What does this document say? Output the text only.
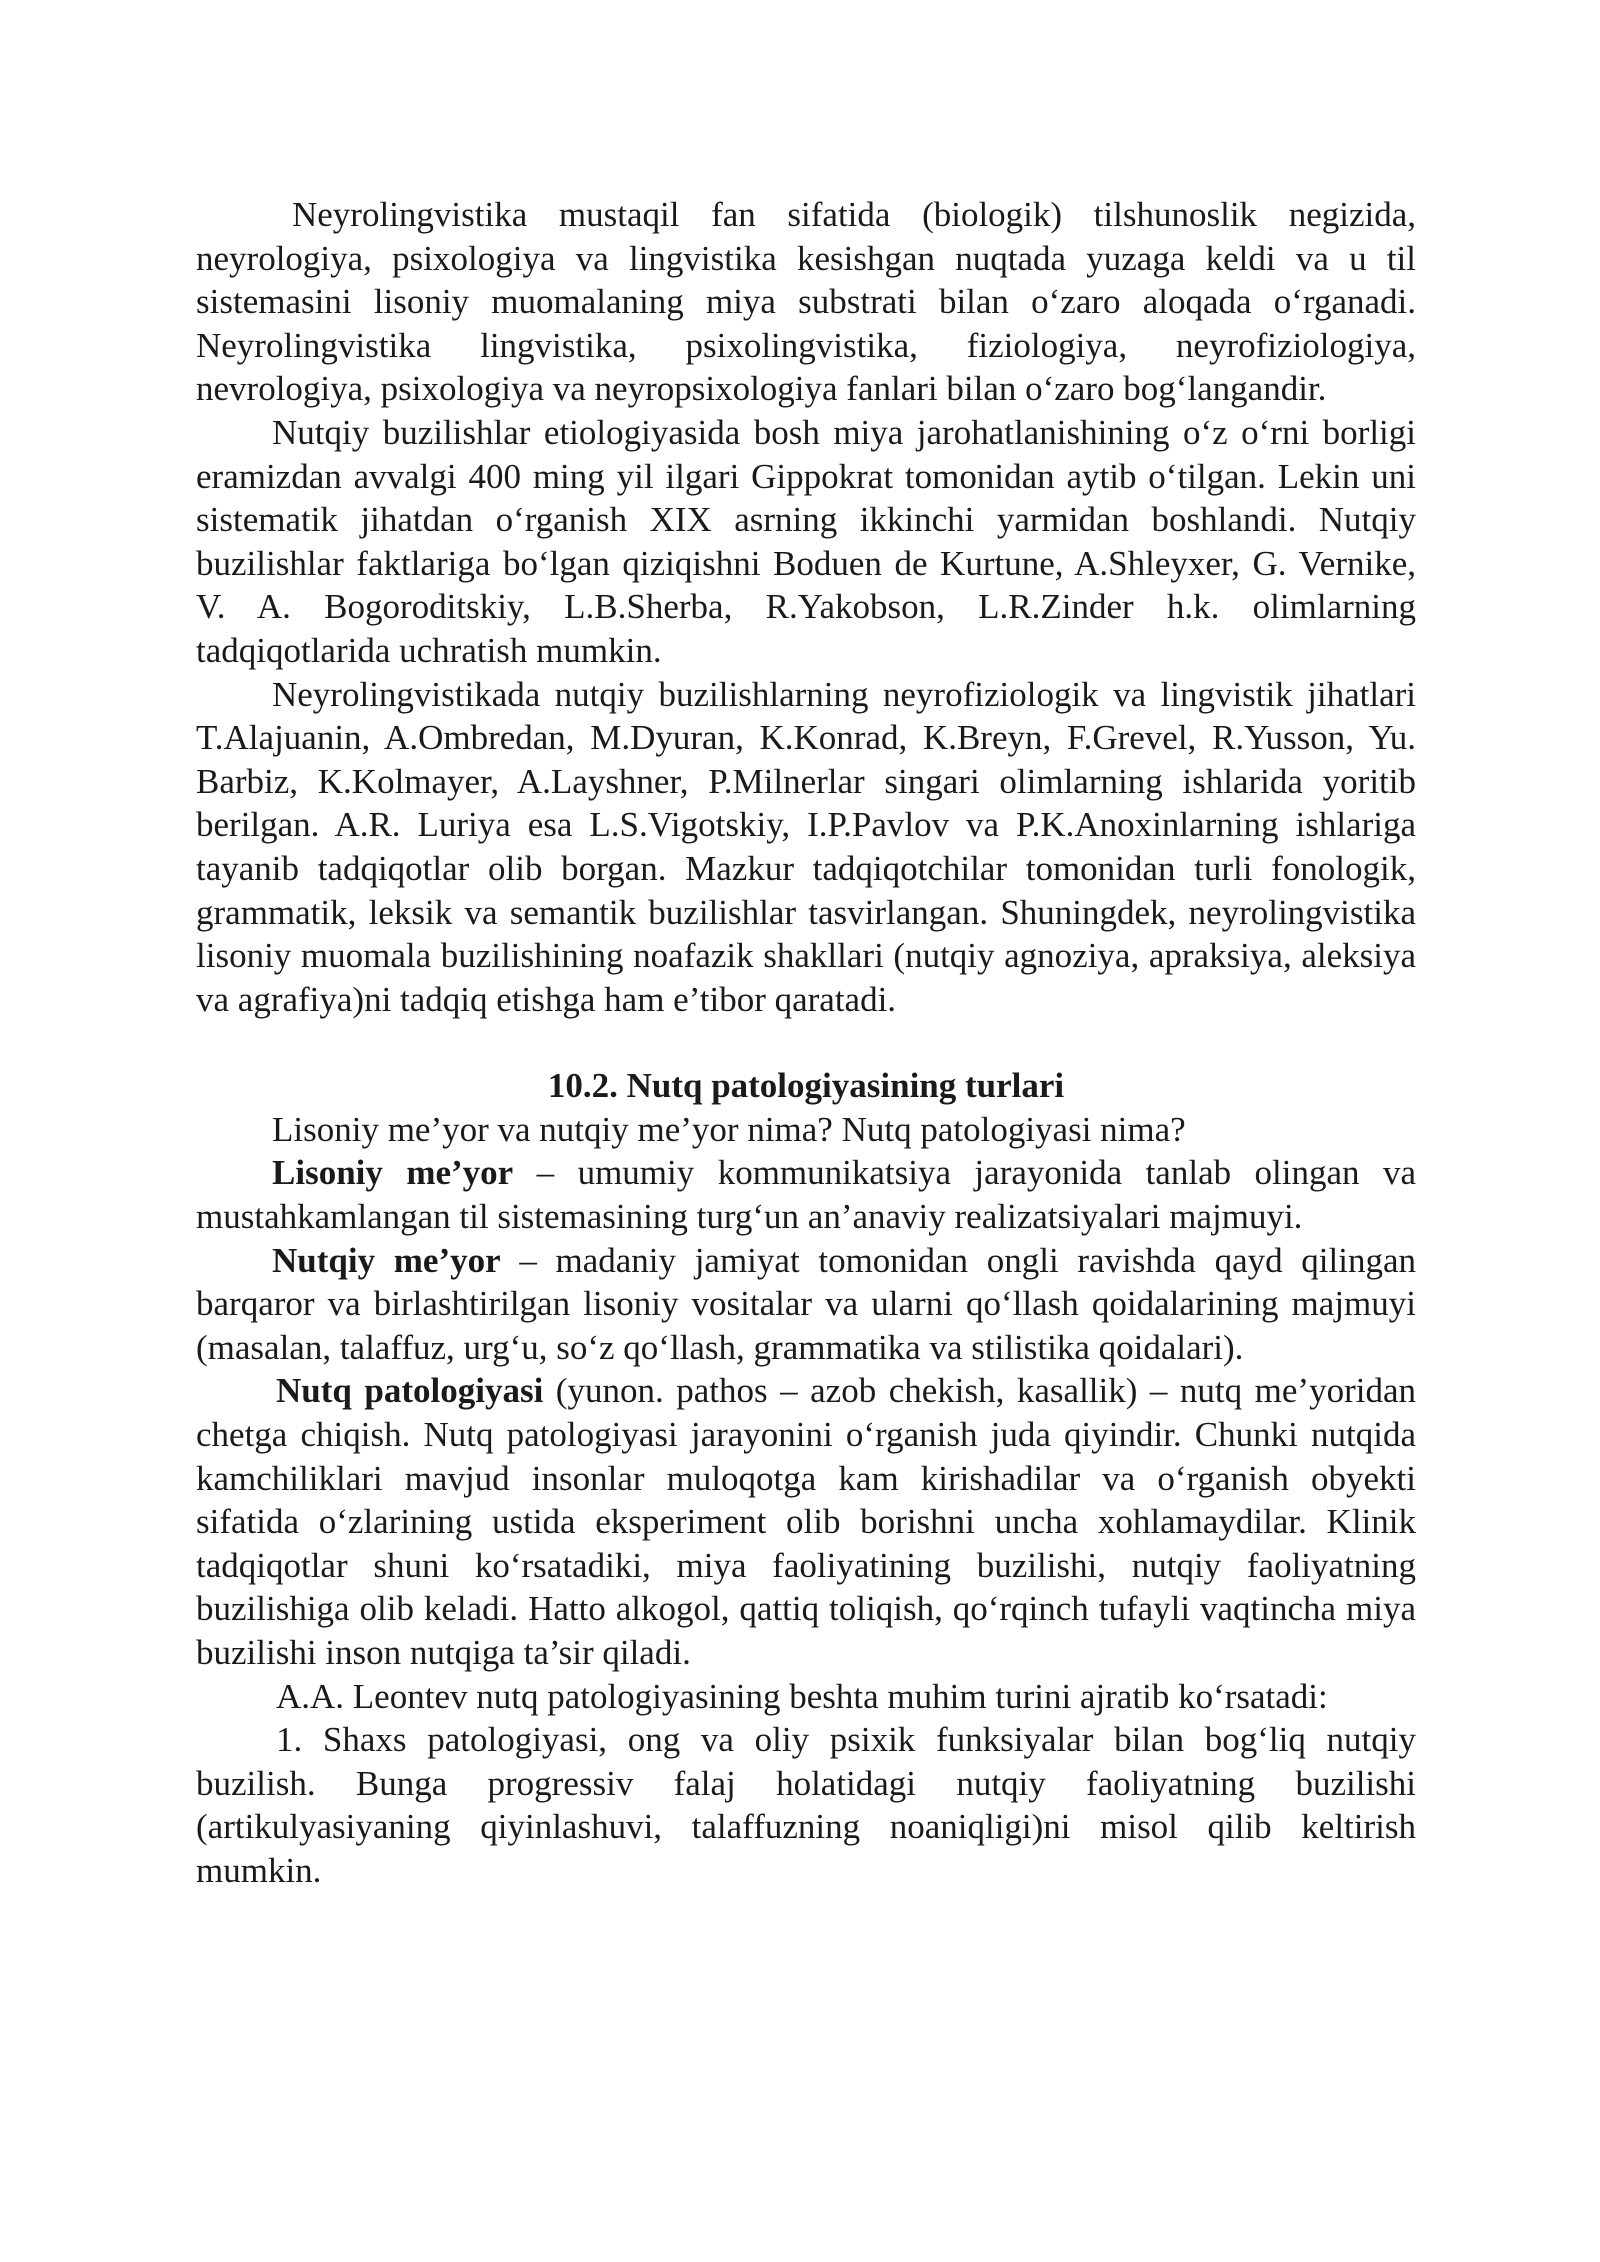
Neyrolingvistika mustaqil fan sifatida (biologik) tilshunoslik negizida, neyrologiya, psixologiya va lingvistika kesishgan nuqtada yuzaga keldi va u til sistemasini lisoniy muomalaning miya substrati bilan o‘zaro aloqada o‘rganadi. Neyrolingvistika lingvistika, psixolingvistika, fiziologiya, neyrofiziologiya, nevrologiya, psixologiya va neyropsixologiya fanlari bilan o‘zaro bog‘langandir.

Nutqiy buzilishlar etiologiyasida bosh miya jarohatlanishining o‘z o‘rni borligi eramizdan avvalgi 400 ming yil ilgari Gippokrat tomonidan aytib o‘tilgan. Lekin uni sistematik jihatdan o‘rganish XIX asrning ikkinchi yarmidan boshlandi. Nutqiy buzilishlar faktlariga bo‘lgan qiziqishni Boduen de Kurtune, A.Shleyxer, G. Vernike, V. A. Bogoroditskiy, L.B.Sherba, R.Yakobson, L.R.Zinder h.k. olimlarning tadqiqotlarida uchratish mumkin.

Neyrolingvistikada nutqiy buzilishlarning neyrofiziologik va lingvistik jihatlari T.Alajuanin, A.Ombredan, M.Dyuran, K.Konrad, K.Breyn, F.Grevel, R.Yusson, Yu. Barbiz, K.Kolmayer, A.Layshner, P.Milnerlar singari olimlarning ishlarida yoritib berilgan. A.R. Luriya esa L.S.Vigotskiy, I.P.Pavlov va P.K.Anoxinlarning ishlariga tayanib tadqiqotlar olib borgan. Mazkur tadqiqotchilar tomonidan turli fonologik, grammatik, leksik va semantik buzilishlar tasvirlangan. Shuningdek, neyrolingvistika lisoniy muomala buzilishining noafazik shakllari (nutqiy agnoziya, apraksiya, aleksiya va agrafiya)ni tadqiq etishga ham e’tibor qaratadi.

10.2. Nutq patologiyasining turlari

Lisoniy me’yor va nutqiy me’yor nima? Nutq patologiyasi nima?

Lisoniy me’yor – umumiy kommunikatsiya jarayonida tanlab olingan va mustahkamlangan til sistemasining turg‘un an’anaviy realizatsiyalari majmuyi.

Nutqiy me’yor – madaniy jamiyat tomonidan ongli ravishda qayd qilingan barqaror va birlashtirilgan lisoniy vositalar va ularni qo‘llash qoidalarining majmuyi (masalan, talaffuz, urg‘u, so‘z qo‘llash, grammatika va stilistika qoidalari).

Nutq patologiyasi (yunon. pathos – azob chekish, kasallik) – nutq me’yoridan chetga chiqish. Nutq patologiyasi jarayonini o‘rganish juda qiyindir. Chunki nutqida kamchiliklari mavjud insonlar muloqotga kam kirishadilar va o‘rganish obyekti sifatida o‘zlarining ustida eksperiment olib borishni uncha xohlamaydilar. Klinik tadqiqotlar shuni ko‘rsatadiki, miya faoliyatining buzilishi, nutqiy faoliyatning buzilishiga olib keladi. Hatto alkogol, qattiq toliqish, qo‘rqinch tufayli vaqtincha miya buzilishi inson nutqiga ta’sir qiladi.

A.A. Leontev nutq patologiyasining beshta muhim turini ajratib ko‘rsatadi:

1. Shaxs patologiyasi, ong va oliy psixik funksiyalar bilan bog‘liq nutqiy buzilish. Bunga progressiv falaj holatidagi nutqiy faoliyatning buzilishi (artikulyasiyaning qiyinlashuvi, talaffuzning noaniqligi)ni misol qilib keltirish mumkin.
